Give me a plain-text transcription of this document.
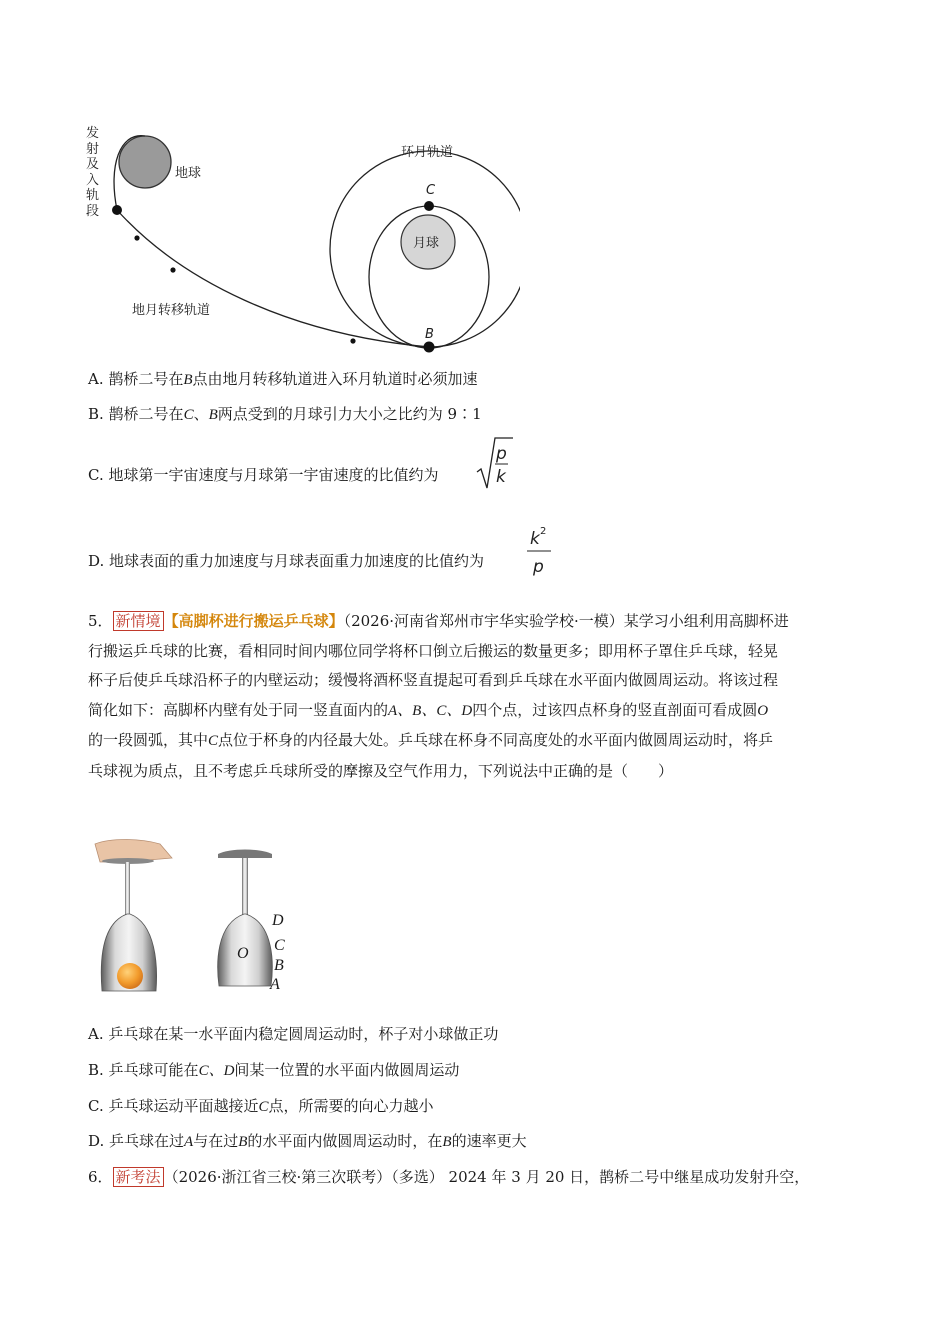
地球
环月轨道
月球
地月转移轨道
C
B
发射及入轨段
A. 鹊桥二号在B点由地月转移轨道进入环月轨道时必须加速
B. 鹊桥二号在C、B两点受到的月球引力大小之比约为 9∶1
C. 地球第一宇宙速度与月球第一宇宙速度的比值约为
p
k
D. 地球表面的重力加速度与月球表面重力加速度的比值约为
k 2
p
5． 新情境 【高脚杯进行搬运乒乓球】（2026·河南省郑州市宇华实验学校·一模）某学习小组利用高脚杯进
行搬运乒乓球的比赛，看相同时间内哪位同学将杯口倒立后搬运的数量更多；即用杯子罩住乒乓球，轻晃
杯子后使乒乓球沿杯子的内壁运动；缓慢将酒杯竖直提起可看到乒乓球在水平面内做圆周运动。将该过程
简化如下：高脚杯内壁有处于同一竖直面内的A、B、C、D四个点，过该四点杯身的竖直剖面可看成圆O
的一段圆弧，其中C点位于杯身的内径最大处。乒乓球在杯身不同高度处的水平面内做圆周运动时，将乒
乓球视为质点，且不考虑乒乓球所受的摩擦及空气作用力，下列说法中正确的是（　　）
D
C
O
B
A
A. 乒乓球在某一水平面内稳定圆周运动时，杯子对小球做正功
B. 乒乓球可能在C、D间某一位置的水平面内做圆周运动
C. 乒乓球运动平面越接近C点，所需要的向心力越小
D. 乒乓球在过A与在过B的水平面内做圆周运动时，在B的速率更大
6． 新考法 （2026·浙江省三校·第三次联考）（多选） 2024 年 3 月 20 日，鹊桥二号中继星成功发射升空，
